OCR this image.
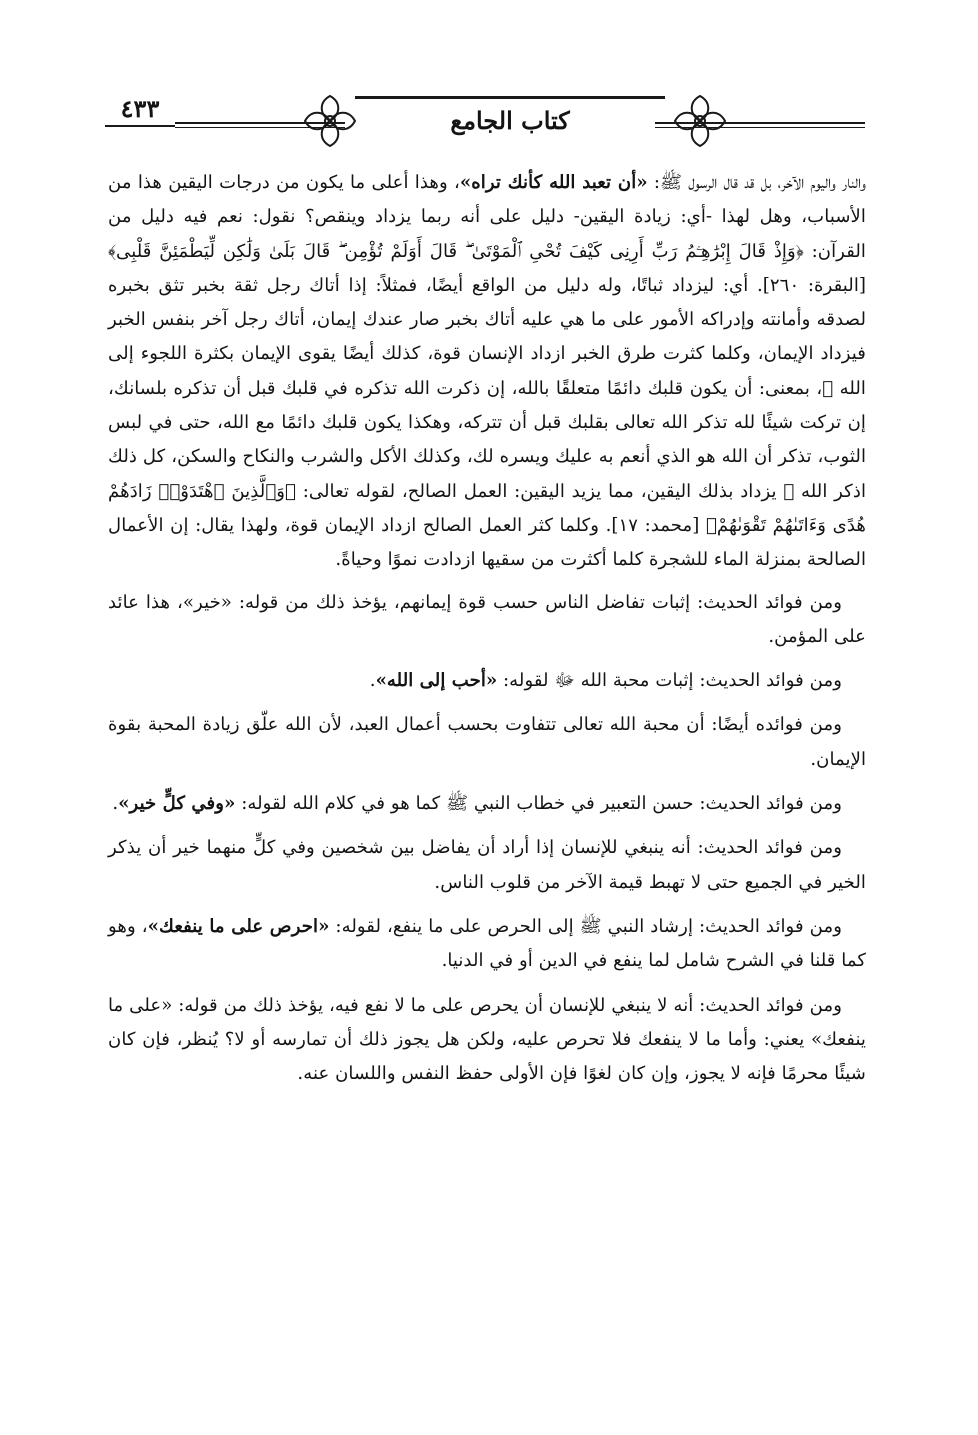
٤٣٣	كتاب الجامع

والنار واليوم الآخر، بل قد قال الرسول ﷺ: «أن تعبد الله كأنك تراه»، وهذا أعلى ما يكون من درجات اليقين هذا من الأسباب، وهل لهذا -أي: زيادة اليقين- دليل على أنه ربما يزداد وينقص؟ نقول: نعم فيه دليل من القرآن: ﴿وَإِذْ قَالَ إِبْرَٰهِـۧمُ رَبِّ أَرِنِى كَيْفَ تُحْىِ ٱلْمَوْتَىٰ ۖ قَالَ أَوَلَمْ تُؤْمِن ۖ قَالَ بَلَىٰ وَلَٰكِن لِّيَطْمَئِنَّ قَلْبِى﴾ [البقرة: ٢٦٠]. أي: ليزداد ثباتًا، وله دليل من الواقع أيضًا، فمثلاً: إذا أتاك رجل ثقة بخبر تثق بخبره لصدقه وأمانته وإدراكه الأمور على ما هي عليه أتاك بخبر صار عندك إيمان، أتاك رجل آخر بنفس الخبر فيزداد الإيمان، وكلما كثرت طرق الخبر ازداد الإنسان قوة، كذلك أيضًا يقوى الإيمان بكثرة اللجوء إلى الله ﷻ، بمعنى: أن يكون قلبك دائمًا متعلقًا بالله، إن ذكرت الله تذكره في قلبك قبل أن تذكره بلسانك، إن تركت شيئًا لله تذكر الله تعالى بقلبك قبل أن تتركه، وهكذا يكون قلبك دائمًا مع الله، حتى في لبس الثوب، تذكر أن الله هو الذي أنعم به عليك ويسره لك، وكذلك الأكل والشرب والنكاح والسكن، كل ذلك اذكر الله ﷻ يزداد بذلك اليقين، مما يزيد اليقين: العمل الصالح، لقوله تعالى: ﴿وَٱلَّذِينَ ٱهْتَدَوْا۟ زَادَهُمْ هُدًى وَءَاتَىٰهُمْ تَقْوَىٰهُمْ﴾ [محمد: ١٧]. وكلما كثر العمل الصالح ازداد الإيمان قوة، ولهذا يقال: إن الأعمال الصالحة بمنزلة الماء للشجرة كلما أكثرت من سقيها ازدادت نموًا وحياةً.

ومن فوائد الحديث: إثبات تفاضل الناس حسب قوة إيمانهم، يؤخذ ذلك من قوله: «خير»، هذا عائد على المؤمن.

ومن فوائد الحديث: إثبات محبة الله ﷻ لقوله: «أحب إلى الله».

ومن فوائده أيضًا: أن محبة الله تعالى تتفاوت بحسب أعمال العبد، لأن الله علّق زيادة المحبة بقوة الإيمان.

ومن فوائد الحديث: حسن التعبير في خطاب النبي ﷺ كما هو في كلام الله لقوله: «وفي كلٍّ خير».

ومن فوائد الحديث: أنه ينبغي للإنسان إذا أراد أن يفاضل بين شخصين وفي كلٍّ منهما خير أن يذكر الخير في الجميع حتى لا تهبط قيمة الآخر من قلوب الناس.

ومن فوائد الحديث: إرشاد النبي ﷺ إلى الحرص على ما ينفع، لقوله: «احرص على ما ينفعك»، وهو كما قلنا في الشرح شامل لما ينفع في الدين أو في الدنيا.

ومن فوائد الحديث: أنه لا ينبغي للإنسان أن يحرص على ما لا نفع فيه، يؤخذ ذلك من قوله: «على ما ينفعك» يعني: وأما ما لا ينفعك فلا تحرص عليه، ولكن هل يجوز ذلك أن تمارسه أو لا؟ يُنظر، فإن كان شيئًا محرمًا فإنه لا يجوز، وإن كان لغوًا فإن الأولى حفظ النفس واللسان عنه.
